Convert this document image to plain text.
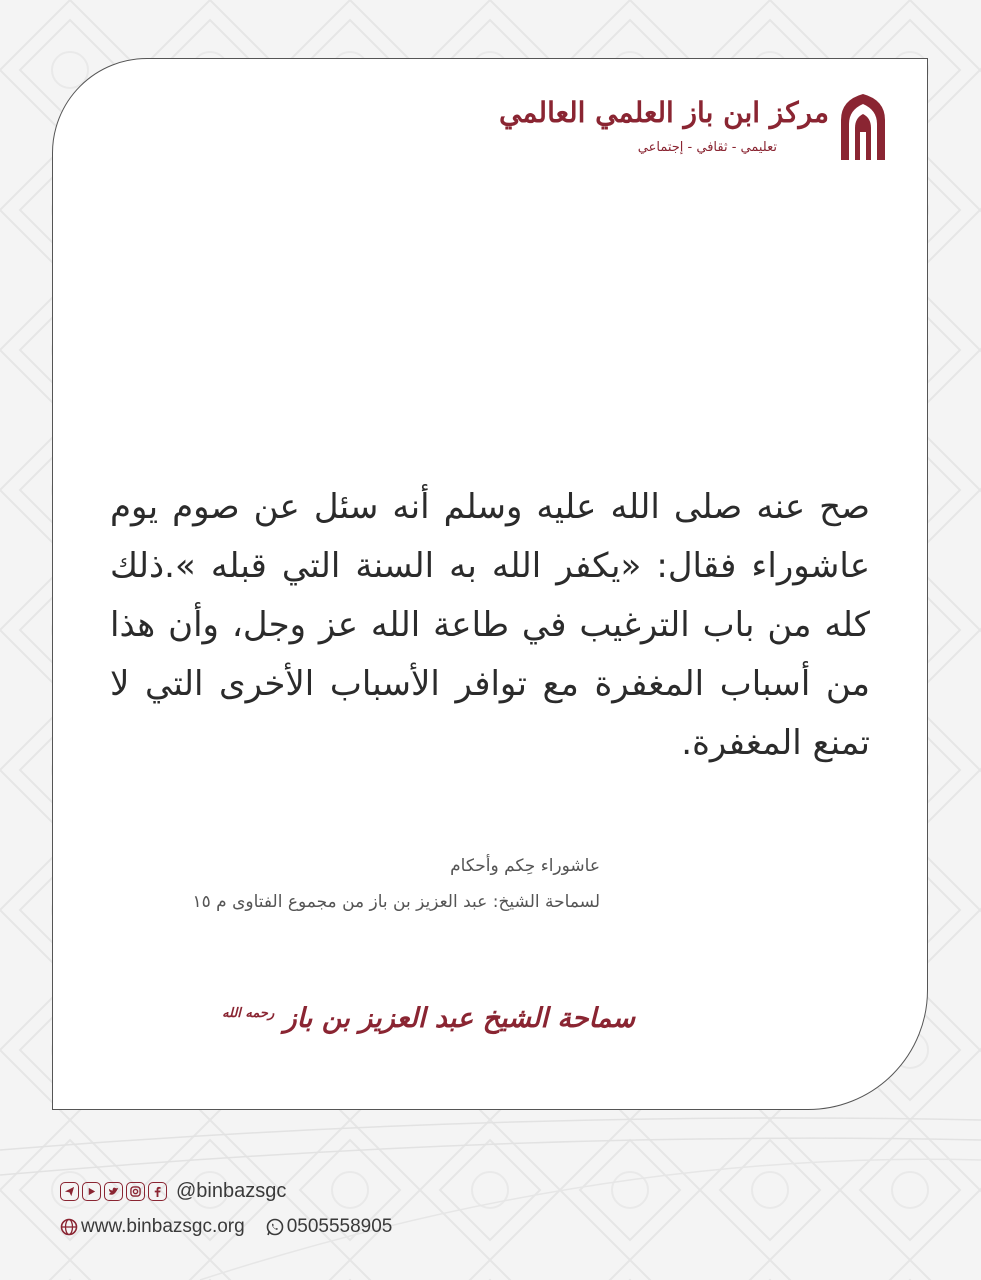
مركز ابن باز العلمي العالمي
تعليمي - ثقافي - إجتماعي
صح عنه صلى الله عليه وسلم أنه سئل عن صوم يوم عاشوراء فقال: «يكفر الله به السنة التي قبله ».ذلك كله من باب الترغيب في طاعة الله عز وجل، وأن هذا من أسباب المغفرة مع توافر الأسباب الأخرى التي لا تمنع المغفرة.
عاشوراء حِكم وأحكام
لسماحة الشيخ: عبد العزيز بن باز من مجموع الفتاوى م ١٥
سماحة الشيخ عبد العزيز بن باز $^{رحمه الله}$
@binbazsgc
www.binbazsgc.org 0505558905
